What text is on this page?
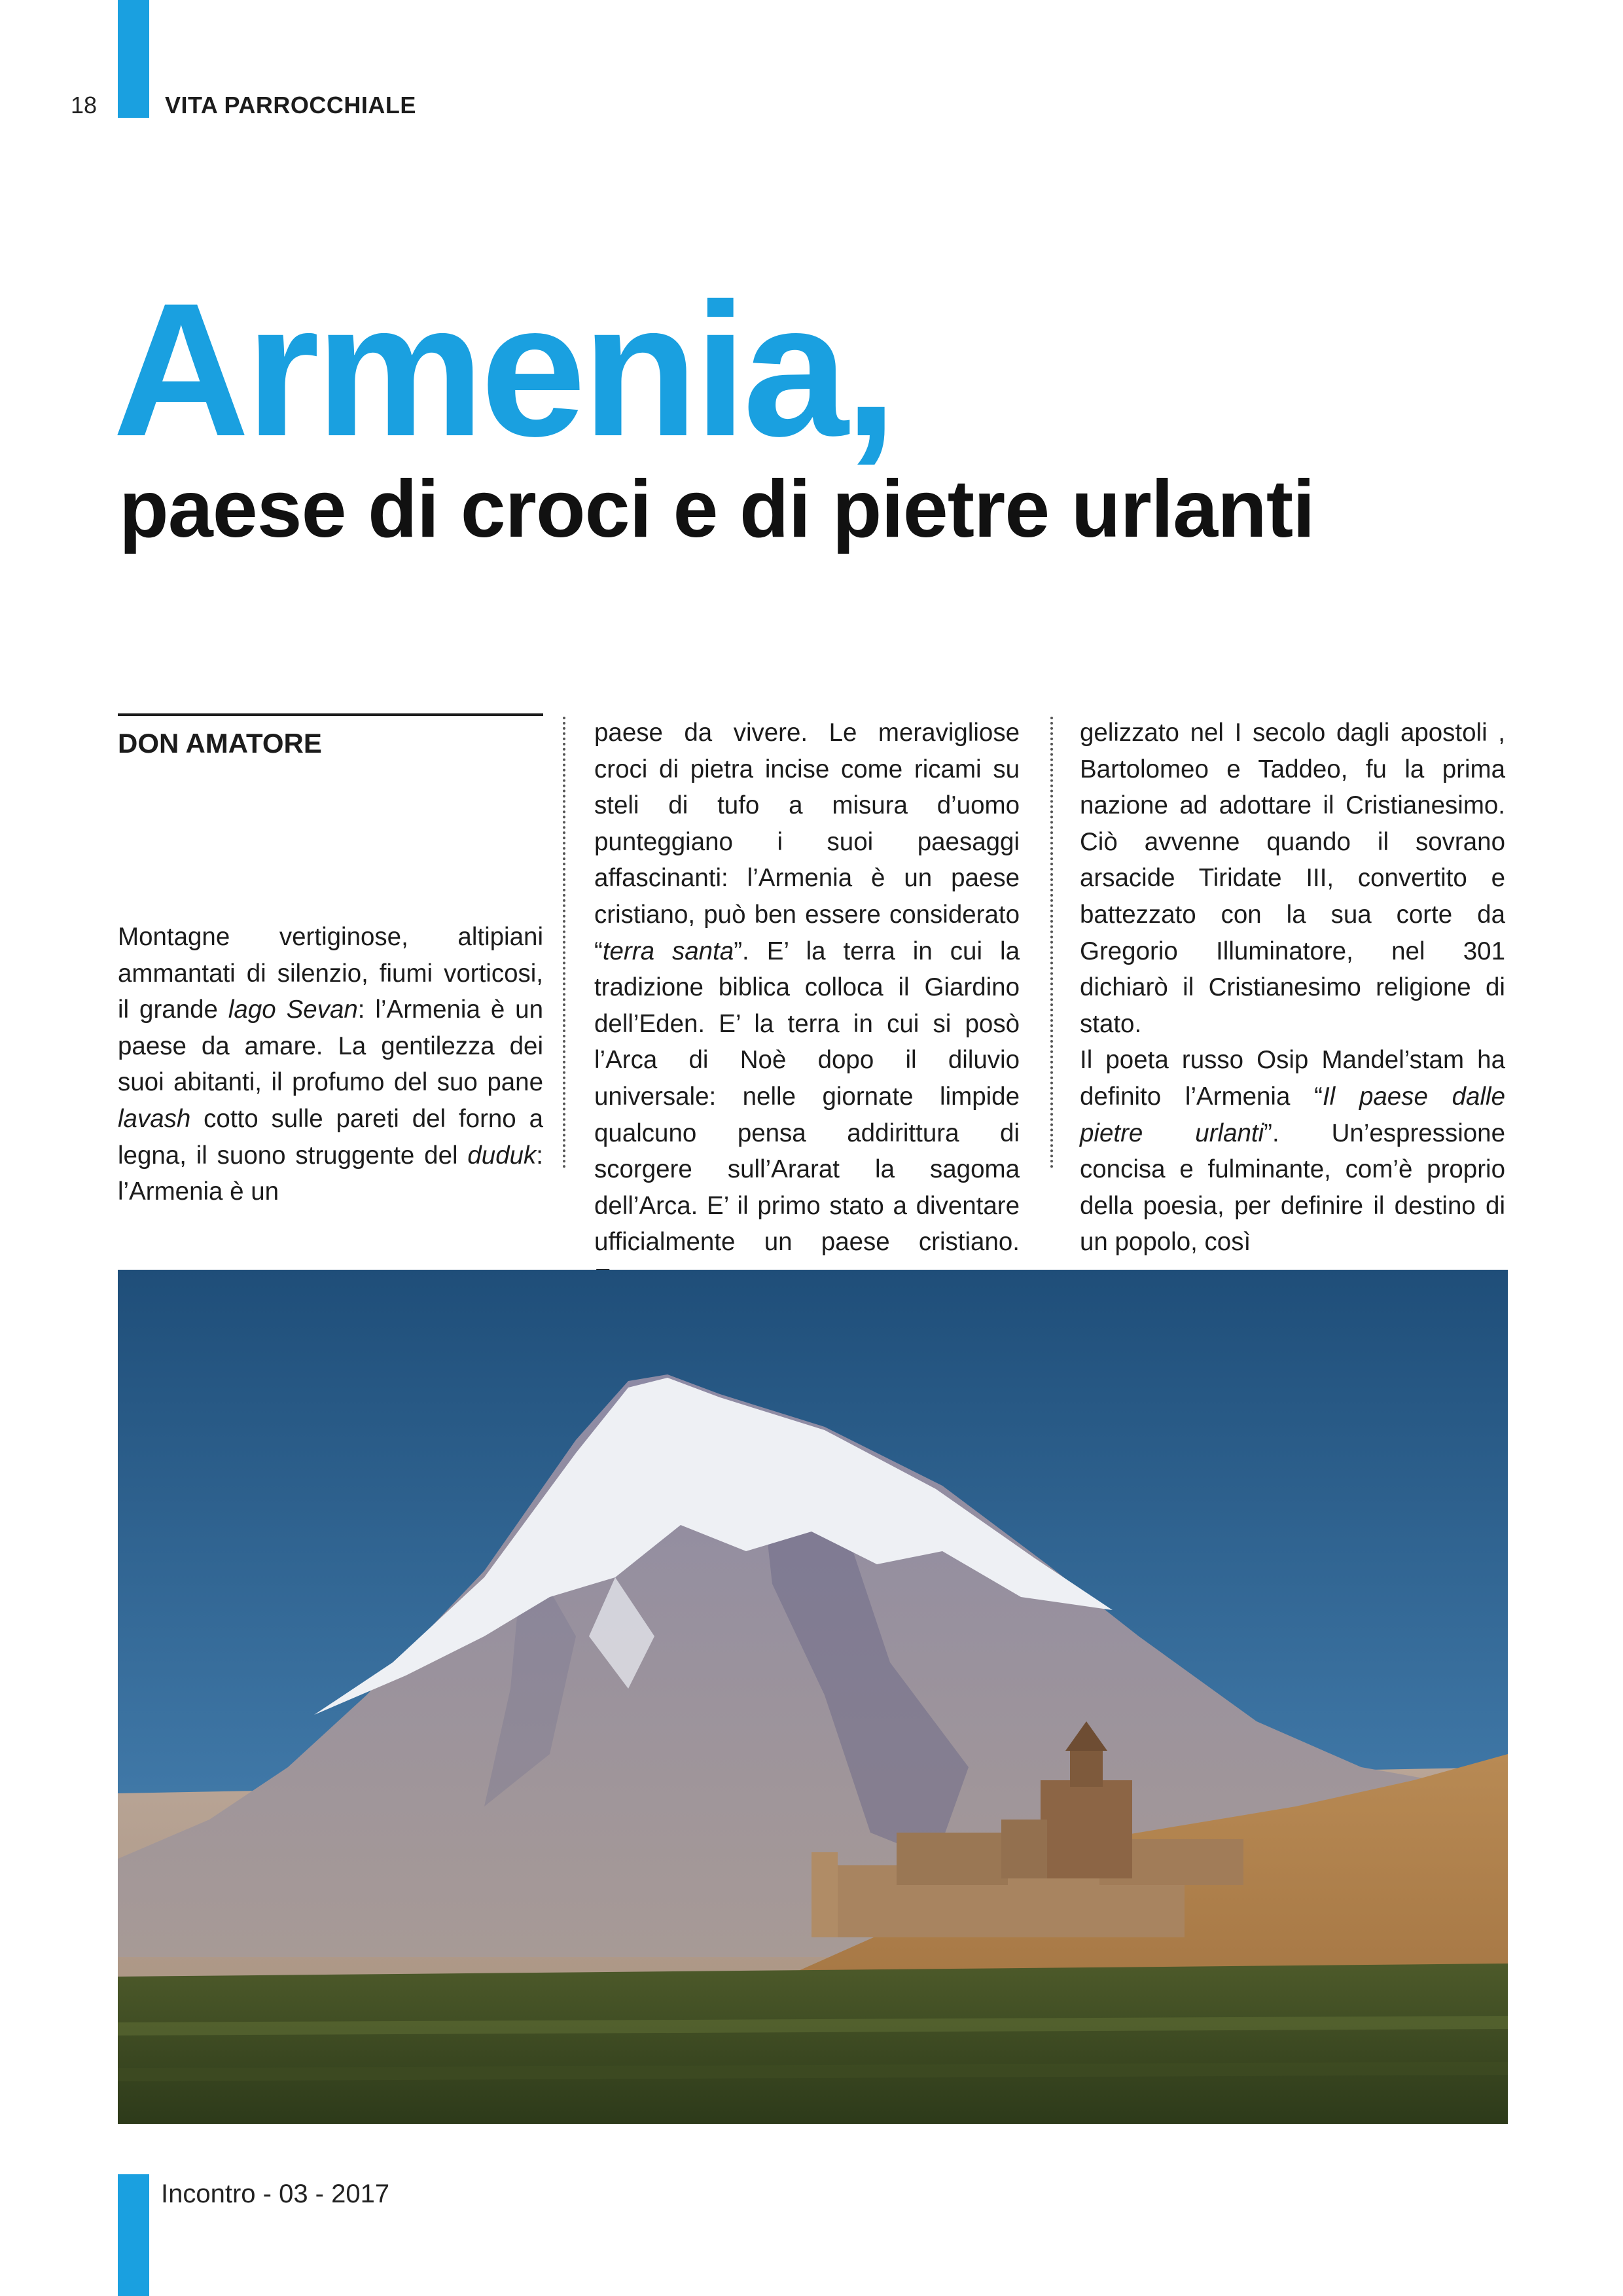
18	VITA PARROCCHIALE
Armenia,
paese di croci e di pietre urlanti
DON AMATORE

Montagne vertiginose, altipiani ammantati di silenzio, fiumi vorticosi, il grande lago Sevan: l’Armenia è un paese da amare. La gentilezza dei suoi abitanti, il profumo del suo pane lavash cotto sulle pareti del forno a legna, il suono struggente del duduk: l’Armenia è un

paese da vivere. Le meravigliose croci di pietra incise come ricami su steli di tufo a misura d’uomo punteggiano i suoi paesaggi affascinanti: l’Armenia è un paese cristiano, può ben essere considerato “terra santa”. E’ la terra in cui la tradizione biblica colloca il Giardino dell’Eden. E’ la terra in cui si posò l’Arca di Noè dopo il diluvio universale: nelle giornate limpide qualcuno pensa addirittura di scorgere sull’Ararat la sagoma dell’Arca. E’ il primo stato a diventare ufficialmente un paese cristiano.

gelizzato nel I secolo dagli apostoli , Bartolomeo e Taddeo, fu la prima nazione ad adottare il Cristianesimo. Ciò avvenne quando il sovrano arsacide Tiridate III, convertito e battezzato con la sua corte da Gregorio Illuminatore, nel 301 dichiarò il Cristianesimo religione di stato.

Il poeta russo Osip Mandel’stam ha definito l’Armenia “Il paese dalle pietre urlanti”. Un’espressione concisa e fulminante, com’è proprio della poesia, per definire il destino di un popolo, così

Incontro - 03 - 2017
